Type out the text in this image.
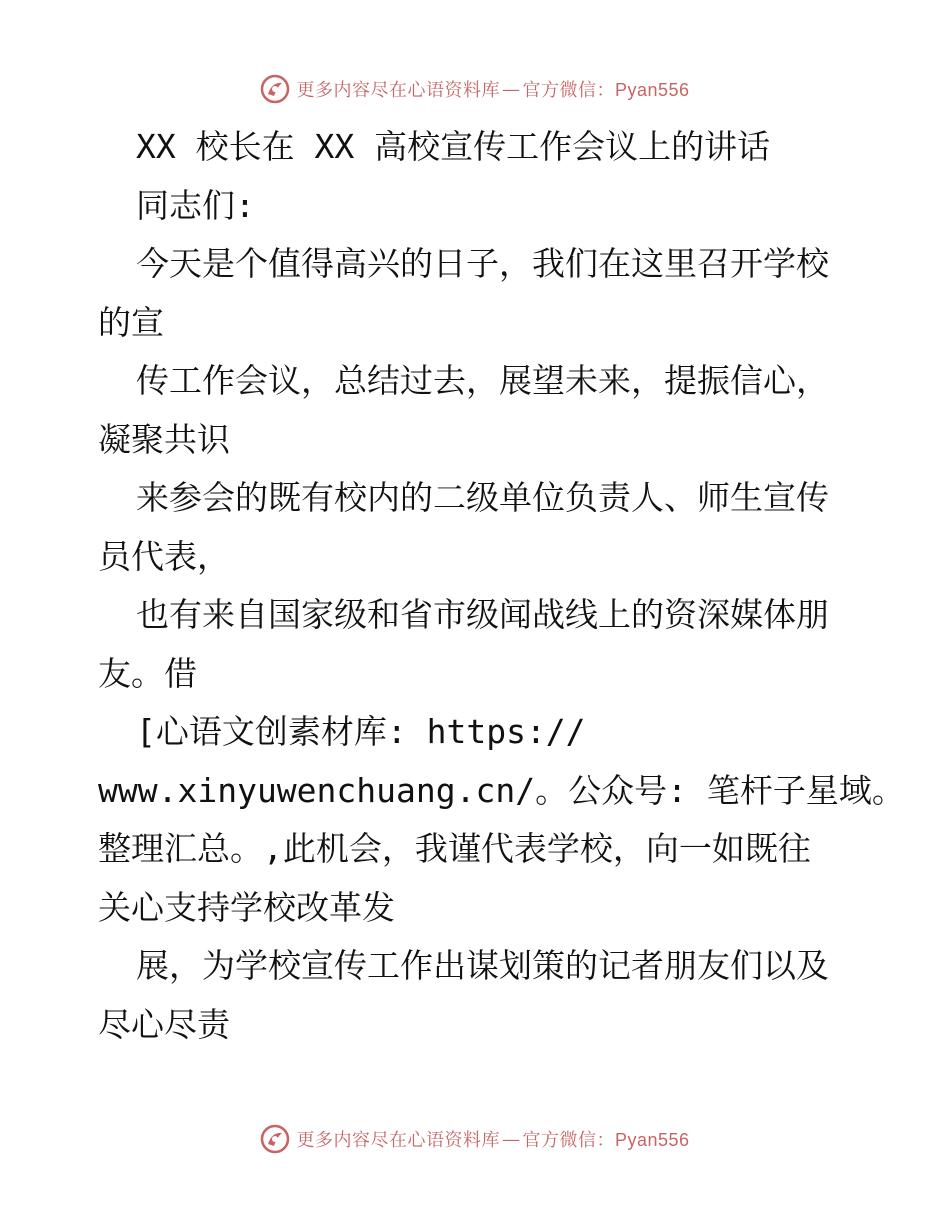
更多内容尽在心语资料库 — 官方微信：Pyan556
XX 校长在 XX 高校宣传工作会议上的讲话
同志们:
今天是个值得高兴的日子，我们在这里召开学校
的宣
传工作会议，总结过去，展望未来，提振信心，
凝聚共识
来参会的既有校内的二级单位负责人、师生宣传
员代表，
也有来自国家级和省市级闻战线上的资深媒体朋
友。借
[心语文创素材库: https://
www.xinyuwenchuang.cn/。公众号: 笔杆子星域。
整理汇总。,此机会，我谨代表学校，向一如既往
关心支持学校改革发
展，为学校宣传工作出谋划策的记者朋友们以及
尽心尽责
更多内容尽在心语资料库 — 官方微信：Pyan556
